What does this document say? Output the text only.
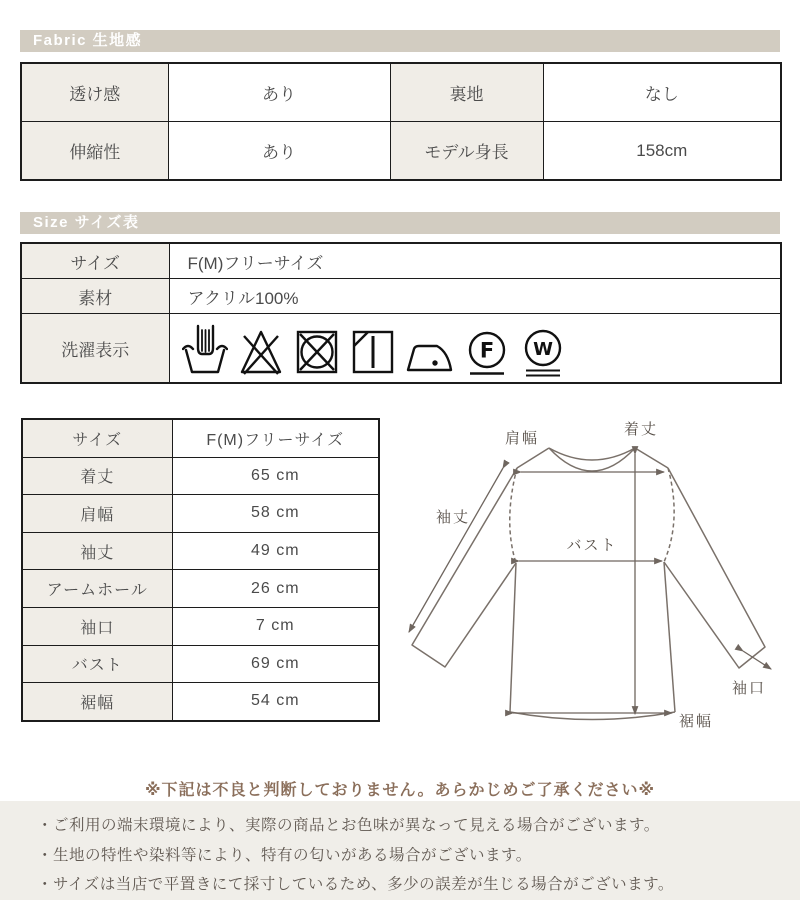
Fabric 生地感
透け感	あり	裏地	なし
伸縮性	あり	モデル身長	158cm
Size サイズ表
サイズ	F(M)フリーサイズ
素材	アクリル100%
洗濯表示	F W
サイズ	F(M)フリーサイズ
着丈	65 cm
肩幅	58 cm
袖丈	49 cm
アームホール	26 cm
袖口	7 cm
バスト	69 cm
裾幅	54 cm
着丈
肩幅
袖丈
バスト
袖口
裾幅
※下記は不良と判断しておりません。あらかじめご了承ください※
・ご利用の端末環境により、実際の商品とお色味が異なって見える場合がございます。
・生地の特性や染料等により、特有の匂いがある場合がございます。
・サイズは当店で平置きにて採寸しているため、多少の誤差が生じる場合がございます。
